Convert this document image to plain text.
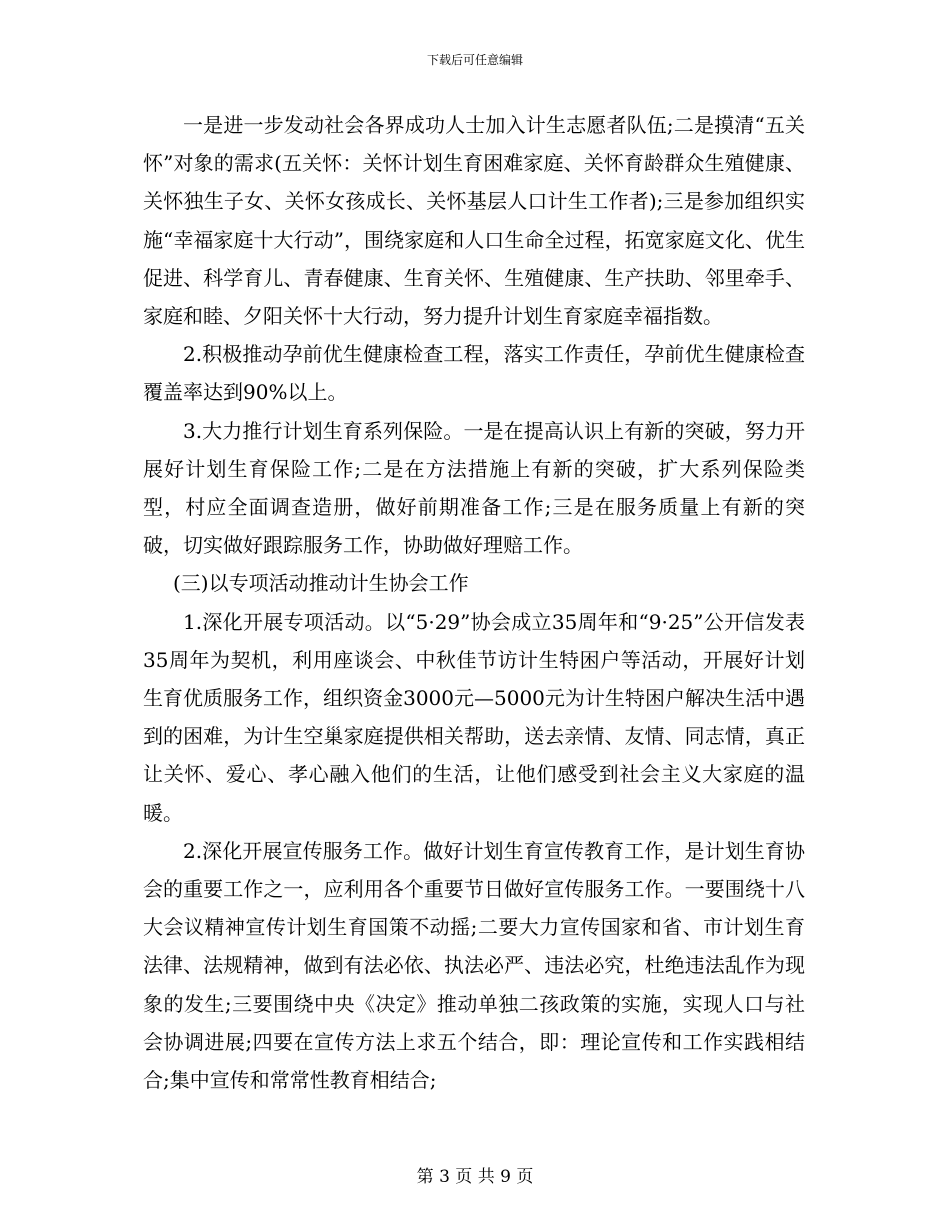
下载后可任意编辑

一是进一步发动社会各界成功人士加入计生志愿者队伍;二是摸清“五关怀”对象的需求(五关怀：关怀计划生育困难家庭、关怀育龄群众生殖健康、关怀独生子女、关怀女孩成长、关怀基层人口计生工作者);三是参加组织实施“幸福家庭十大行动”，围绕家庭和人口生命全过程，拓宽家庭文化、优生促进、科学育儿、青春健康、生育关怀、生殖健康、生产扶助、邻里牵手、家庭和睦、夕阳关怀十大行动，努力提升计划生育家庭幸福指数。

2.积极推动孕前优生健康检查工程，落实工作责任，孕前优生健康检查覆盖率达到90%以上。

3.大力推行计划生育系列保险。一是在提高认识上有新的突破，努力开展好计划生育保险工作;二是在方法措施上有新的突破，扩大系列保险类型，村应全面调查造册，做好前期准备工作;三是在服务质量上有新的突破，切实做好跟踪服务工作，协助做好理赔工作。

(三)以专项活动推动计生协会工作

1.深化开展专项活动。以“5·29”协会成立35周年和“9·25”公开信发表35周年为契机，利用座谈会、中秋佳节访计生特困户等活动，开展好计划生育优质服务工作，组织资金3000元—5000元为计生特困户解决生活中遇到的困难，为计生空巢家庭提供相关帮助，送去亲情、友情、同志情，真正让关怀、爱心、孝心融入他们的生活，让他们感受到社会主义大家庭的温暖。

2.深化开展宣传服务工作。做好计划生育宣传教育工作，是计划生育协会的重要工作之一，应利用各个重要节日做好宣传服务工作。一要围绕十八大会议精神宣传计划生育国策不动摇;二要大力宣传国家和省、市计划生育法律、法规精神，做到有法必依、执法必严、违法必究，杜绝违法乱作为现象的发生;三要围绕中央《决定》推动单独二孩政策的实施，实现人口与社会协调进展;四要在宣传方法上求五个结合，即：理论宣传和工作实践相结合;集中宣传和常常性教育相结合;

第 3 页 共 9 页
